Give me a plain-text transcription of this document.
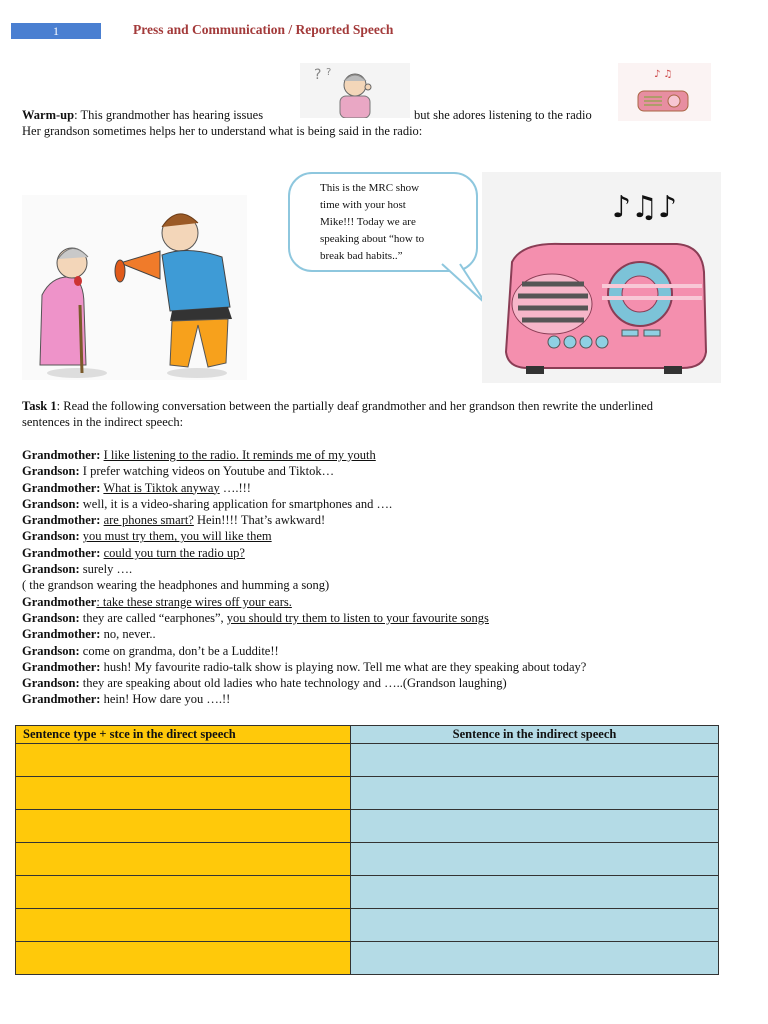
1	Press and Communication / Reported Speech
? ?	♪ ♫
Warm-up: This grandmother has hearing issues	but she adores listening to the radio
Her grandson sometimes helps her to understand what is being said in the radio:
This is the MRC show
time with your host
Mike!!! Today we are
speaking about “how to
break bad habits..”
♪♫♪
Task 1: Read the following conversation between the partially deaf grandmother and her grandson then rewrite the underlined
sentences in the indirect speech:
Grandmother: I like listening to the radio. It reminds me of my youth
Grandson: I prefer watching videos on Youtube and Tiktok…
Grandmother: What is Tiktok anyway ….!!!
Grandson: well, it is a video-sharing application for smartphones and ….
Grandmother: are phones smart? Hein!!!! That’s awkward!
Grandson: you must try them, you will like them
Grandmother: could you turn the radio up?
Grandson: surely ….
( the grandson wearing the headphones and humming a song)
Grandmother: take these strange wires off your ears.
Grandson: they are called “earphones”, you should try them to listen to your favourite songs
Grandmother: no, never..
Grandson: come on grandma, don’t be a Luddite!!
Grandmother: hush! My favourite radio-talk show is playing now. Tell me what are they speaking about today?
Grandson: they are speaking about old ladies who hate technology and …..(Grandson laughing)
Grandmother: hein! How dare you ….!!
Sentence type + stce in the direct speech	Sentence in the indirect speech
